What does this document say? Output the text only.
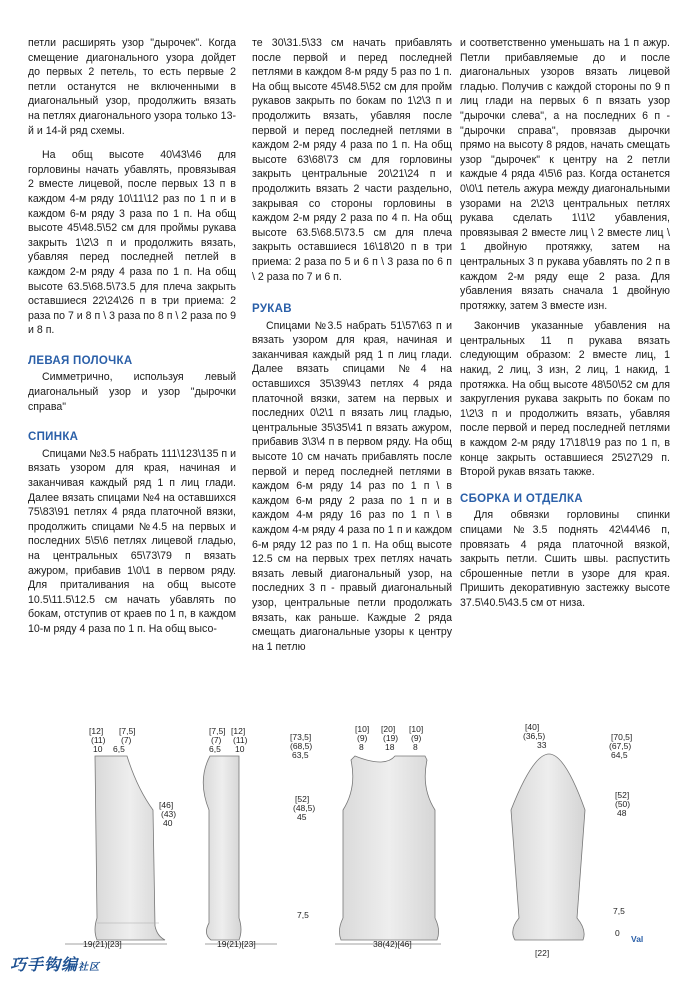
петли расширять узор "дырочек". Когда смещение диагонального узора дойдет до первых 2 петель, то есть первые 2 петли останутся не включенными в диагональный узор, продолжить вязать на петлях диагонального узора только 13-й и 14-й ряд схемы.

На общ высоте 40\43\46 для горловины начать убавлять, провязывая 2 вместе лицевой, после первых 13 п в каждом 4-м ряду 10\11\12 раз по 1 п и в каждом 6-м ряду 3 раза по 1 п. На общ высоте 45\48.5\52 см для проймы рукава закрыть 1\2\3 п и продолжить вязать, убавляя перед последней петлей в каждом 2-м ряду 4 раза по 1 п. На общ высоте 63.5\68.5\73.5 для плеча закрыть оставшиеся 22\24\26 п в три приема: 2 раза по 7 и 8 п \ 3 раза по 8 п \ 2 раза по 9 и 8 п.

ЛЕВАЯ ПОЛОЧКА

Симметрично, используя левый диагональный узор и узор "дырочки справа"

СПИНКА

Спицами №3.5 набрать 111\123\135 п и вязать узором для края, начиная и заканчивая каждый ряд 1 п лиц глади. Далее вязать спицами №4 на оставшихся 75\83\91 петлях 4 ряда платочной вязки, продолжить спицами №4.5 на первых и последних 5\5\6 петлях лицевой гладью, на центральных 65\73\79 п вязать ажуром, прибавив 1\0\1 в первом ряду. Для приталивания на общ высоте 10.5\11.5\12.5 см начать убавлять по бокам, отступив от краев по 1 п, в каждом 10-м ряду 4 раза по 1 п. На общ высо-

те 30\31.5\33 см начать прибавлять после первой и перед последней петлями в каждом 8-м ряду 5 раз по 1 п. На общ высоте 45\48.5\52 см для пройм рукавов закрыть по бокам по 1\2\3 п и продолжить вязать, убавляя после первой и перед последней петлями в каждом 2-м ряду 4 раза по 1 п. На общ высоте 63\68\73 см для горловины закрыть центральные 20\21\24 п и продолжить вязать 2 части раздельно, закрывая со стороны горловины в каждом 2-м ряду 2 раза по 4 п. На общ высоте 63.5\68.5\73.5 см для плеча закрыть оставшиеся 16\18\20 п в три приема: 2 раза по 5 и 6 п \ 3 раза по 6 п \ 2 раза по 7 и 6 п.

РУКАВ

Спицами №3.5 набрать 51\57\63 п и вязать узором для края, начиная и заканчивая каждый ряд 1 п лиц глади. Далее вязать спицами №4 на оставшихся 35\39\43 петлях 4 ряда платочной вязки, затем на первых и последних 0\2\1 п вязать лиц гладью, центральные 35\35\41 п вязать ажуром, прибавив 3\3\4 п в первом ряду. На общ высоте 10 см начать прибавлять после первой и перед последней петлями в каждом 6-м ряду 14 раз по 1 п \ в каждом 6-м ряду 2 раза по 1 п и в каждом 4-м ряду 16 раз по 1 п \ в каждом 4-м ряду 4 раза по 1 п и каждом 6-м ряду 12 раз по 1 п. На общ высоте 12.5 см на первых трех петлях начать вязать левый диагональный узор, на последних 3 п - правый диагональный узор, центральные петли продолжать вязать, как раньше. Каждые 2 ряда смещать диагональные узоры к центру на 1 петлю

и соответственно уменьшать на 1 п ажур. Петли прибавляемые до и после диагональных узоров вязать лицевой гладью. Получив с каждой стороны по 9 п лиц глади на первых 6 п вязать узор "дырочки слева", а на последних 6 п - "дырочки справа", провязав дырочки прямо на высоту 8 рядов, начать смещать узор "дырочек" к центру на 2 петли каждые 4 ряда 4\5\6 раз. Когда останется 0\0\1 петель ажура между диагональными узорами на 2\2\3 центральных петлях рукава сделать 1\1\2 убавления, провязывая 2 вместе лиц \ 2 вместе лиц \ 1 двойную протяжку, затем на центральных 3 п рукава убавлять по 2 п в каждом 2-м ряду еще 2 раза. Для убавления вязать сначала 1 двойную протяжку, затем 3 вместе изн.

Закончив указанные убавления на центральных 11 п рукава вязать следующим образом: 2 вместе лиц, 1 накид, 2 лиц, 3 изн, 2 лиц, 1 накид, 1 протяжка. На общ высоте 48\50\52 см для закругления рукава закрыть по бокам по 1\2\3 п и продолжить вязать, убавляя после первой и перед последней петлями в каждом 2-м ряду 17\18\19 раз по 1 п, в конце закрыть оставшиеся 25\27\29 п. Второй рукав вязать также.

СБОРКА И ОТДЕЛКА

Для обвязки горловины спинки спицами №3.5 поднять 42\44\46 п, провязать 4 ряда платочной вязкой, закрыть петли. Сшить швы. распустить сброшенные петли в узоре для края. Пришить декоративную застежку высоте 37.5\40.5\43.5 см от низа.

[12]
(11)
[7,5]
(7)
10 6,5
[46]
(43)
40
19(21)[23]
[7,5]
(7)
6,5
[12]
(11)
10
19(21)[23]
[73,5]
(68,5)
63,5
[52]
(48,5)
45
7,5
[10]
(9)
8
[20]
(19)
18
[10]
(9)
8
38(42)[46]
[40]
(36,5)
33
[70,5]
(67,5)
64,5
[52]
(50)
48
7,5
0
[22]
Val
巧手钩编社区
